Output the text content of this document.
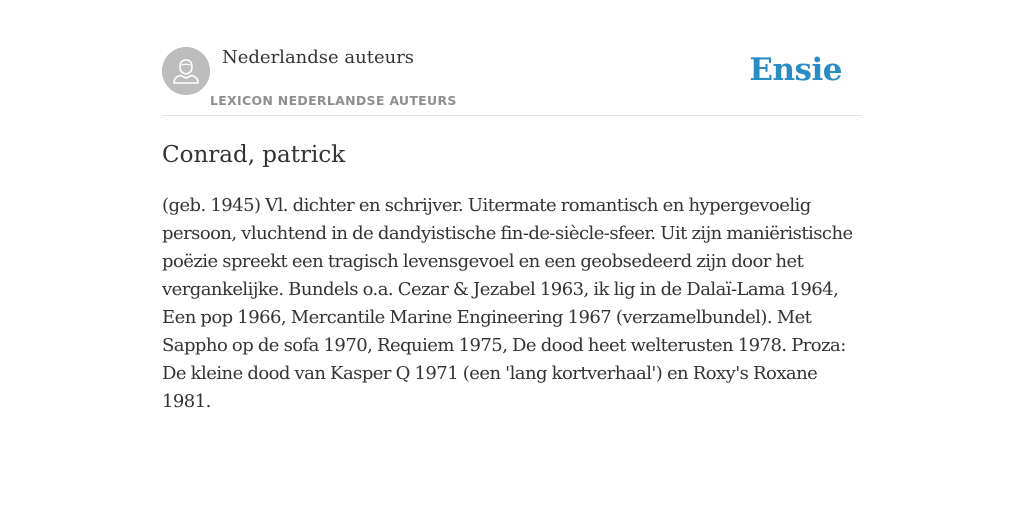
Nederlandse auteurs
LEXICON NEDERLANDSE AUTEURS
Ensie
Conrad, patrick

(geb. 1945) Vl. dichter en schrijver. Uitermate romantisch en hypergevoelig persoon, vluchtend in de dandyistische fin-de-siècle-sfeer. Uit zijn maniëristische poëzie spreekt een tragisch levensgevoel en een geobsedeerd zijn door het vergankelijke. Bundels o.a. Cezar & Jezabel 1963, ik lig in de Dalaï-Lama 1964, Een pop 1966, Mercantile Marine Engineering 1967 (verzamelbundel). Met Sappho op de sofa 1970, Requiem 1975, De dood heet welterusten 1978. Proza: De kleine dood van Kasper Q 1971 (een 'lang kortverhaal') en Roxy's Roxane 1981.
